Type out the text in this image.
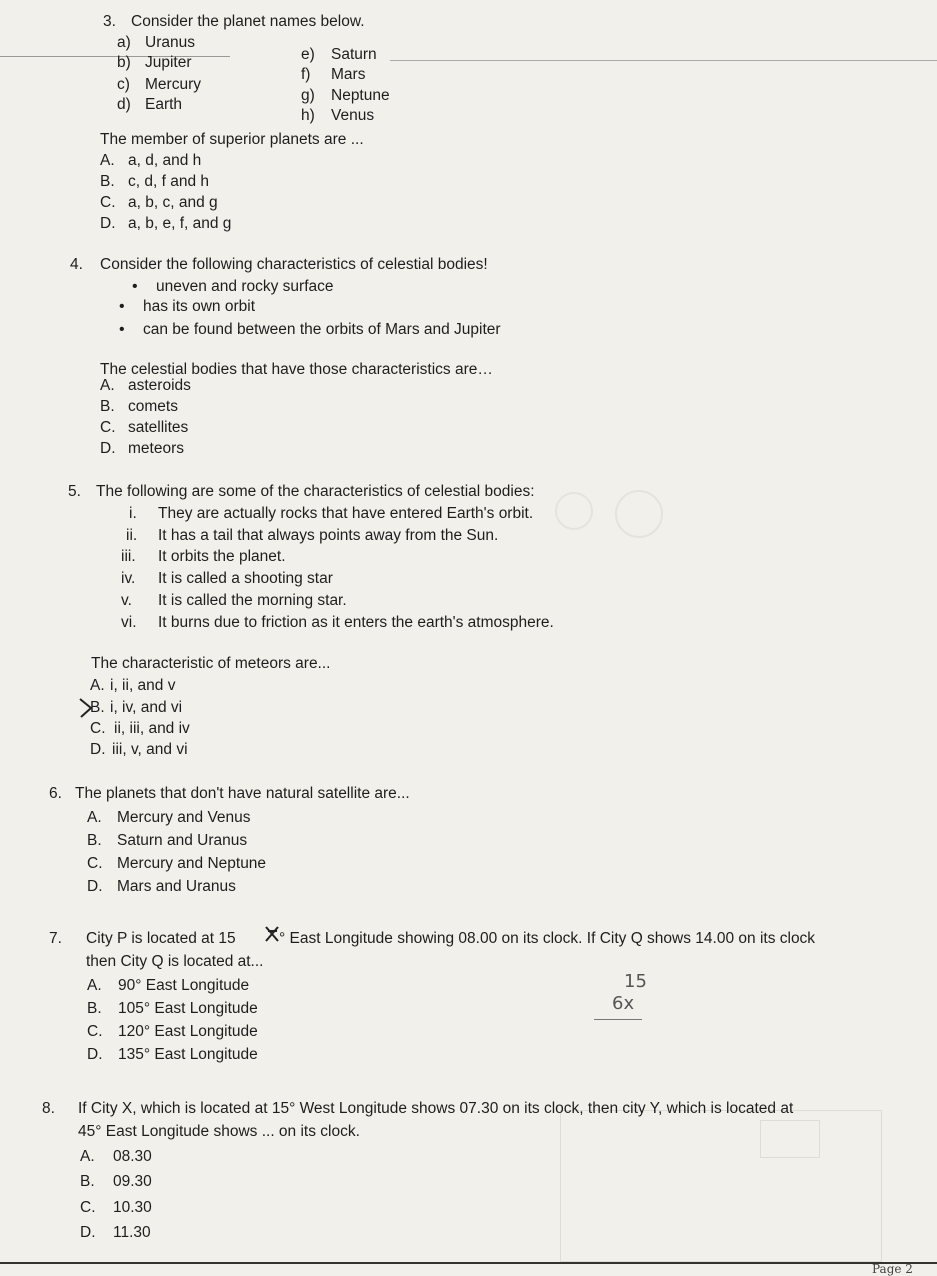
3. Consider the planet names below.
a) Uranus
b) Jupiter
c) Mercury
d) Earth
e) Saturn
f) Mars
g) Neptune
h) Venus
The member of superior planets are ...
A. a, d, and h
B. c, d, f and h
C. a, b, c, and g
D. a, b, e, f, and g
4. Consider the following characteristics of celestial bodies!
• uneven and rocky surface
• has its own orbit
• can be found between the orbits of Mars and Jupiter
The celestial bodies that have those characteristics are…
A. asteroids
B. comets
C. satellites
D. meteors
5. The following are some of the characteristics of celestial bodies:
i. They are actually rocks that have entered Earth's orbit.
ii. It has a tail that always points away from the Sun.
iii. It orbits the planet.
iv. It is called a shooting star
v. It is called the morning star.
vi. It burns due to friction as it enters the earth's atmosphere.
The characteristic of meteors are...
A. i, ii, and v
B. i, iv, and vi
C. ii, iii, and iv
D. iii, v, and vi
6. The planets that don't have natural satellite are...
A. Mercury and Venus
B. Saturn and Uranus
C. Mercury and Neptune
D. Mars and Uranus
7. City P is located at 15	° East Longitude showing 08.00 on its clock. If City Q shows 14.00 on its clock
then City Q is located at...
A. 90° East Longitude
B. 105° East Longitude
C. 120° East Longitude
D. 135° East Longitude
15
6x
8. If City X, which is located at 15° West Longitude shows 07.30 on its clock, then city Y, which is located at
45° East Longitude shows ... on its clock.
A. 08.30
B. 09.30
C. 10.30
D. 11.30
Page 2
